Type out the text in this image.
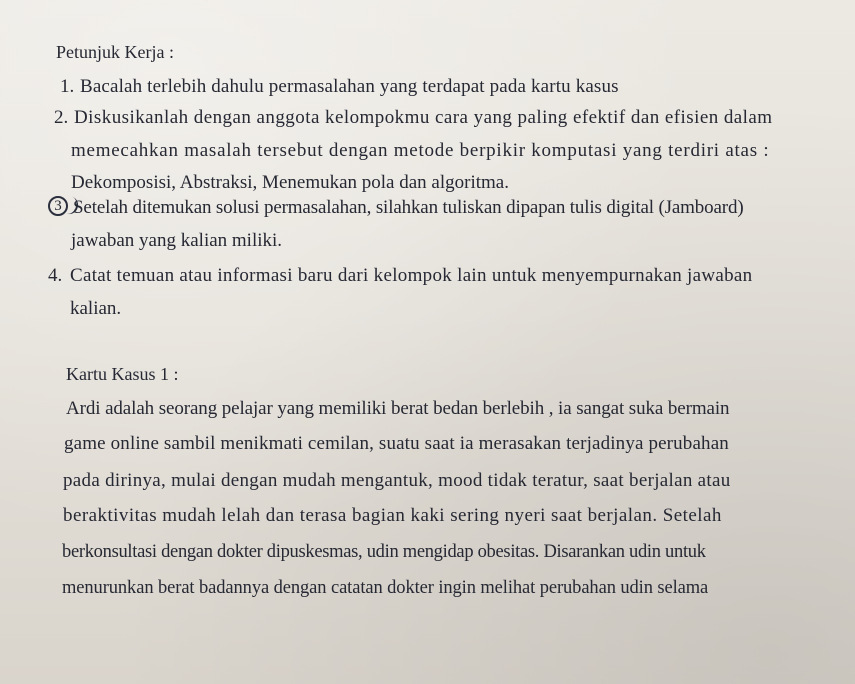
Petunjuk Kerja :
1. Bacalah terlebih dahulu permasalahan yang terdapat pada kartu kasus
2. Diskusikanlah dengan anggota kelompokmu cara yang paling efektif dan efisien dalam
memecahkan masalah tersebut dengan metode berpikir komputasi yang terdiri atas :
Dekomposisi, Abstraksi, Menemukan pola dan algoritma.
3 Setelah ditemukan solusi permasalahan, silahkan tuliskan dipapan tulis digital (Jamboard)
jawaban yang kalian miliki.
4. Catat temuan atau informasi baru dari kelompok lain untuk menyempurnakan jawaban
kalian.
Kartu Kasus 1 :
Ardi adalah seorang pelajar yang memiliki berat bedan berlebih , ia sangat suka bermain
game online sambil menikmati cemilan, suatu saat ia merasakan terjadinya perubahan
pada dirinya, mulai dengan mudah mengantuk, mood tidak teratur, saat berjalan atau
beraktivitas mudah lelah dan terasa bagian kaki sering nyeri saat berjalan. Setelah
berkonsultasi dengan dokter dipuskesmas, udin mengidap obesitas. Disarankan udin untuk
menurunkan berat badannya dengan catatan dokter ingin melihat perubahan udin selama
